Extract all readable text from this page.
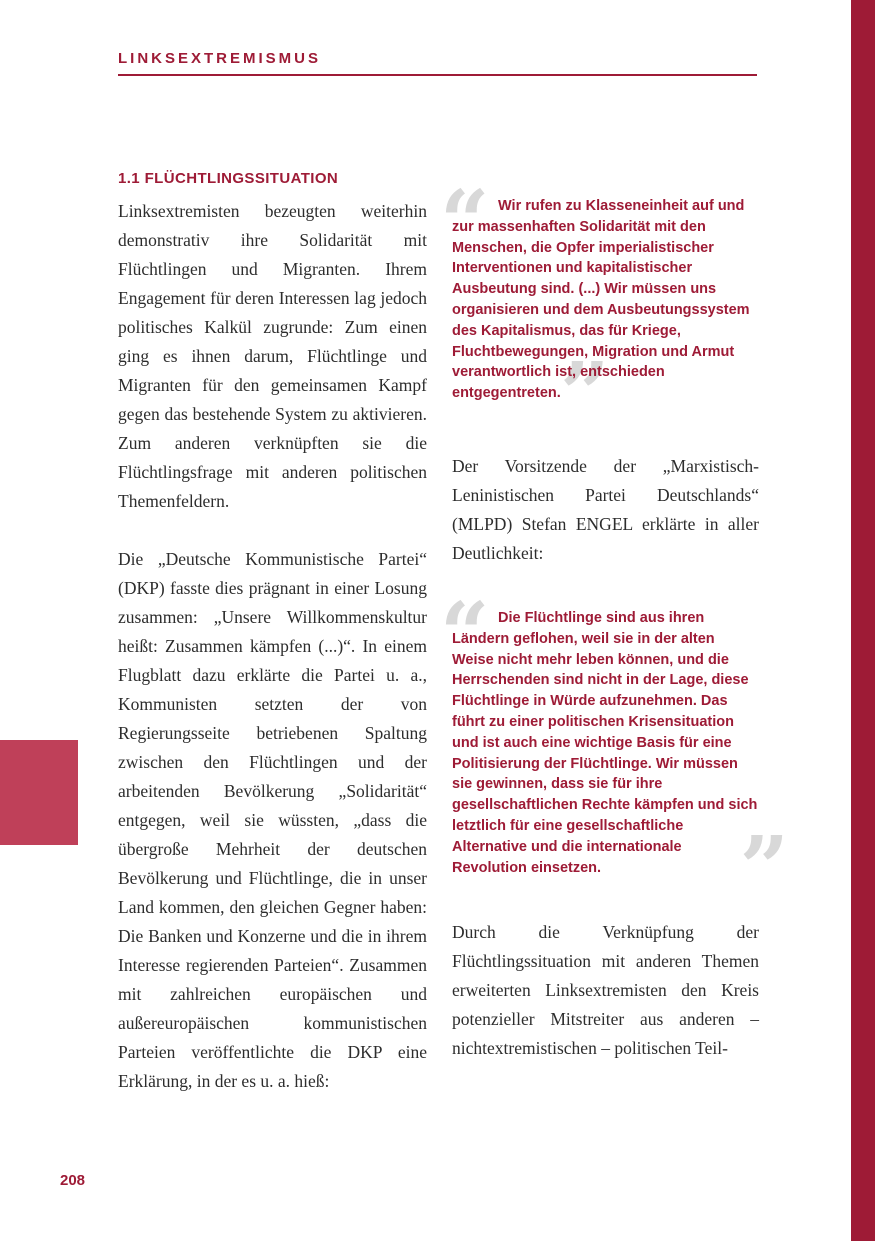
LINKSEXTREMISMUS
1.1 FLÜCHTLINGSSITUATION

Linksextremisten bezeugten weiterhin demonstrativ ihre Solidarität mit Flüchtlingen und Migranten. Ihrem Engagement für deren Interessen lag jedoch politisches Kalkül zugrunde: Zum einen ging es ihnen darum, Flüchtlinge und Migranten für den gemeinsamen Kampf gegen das bestehende System zu aktivieren. Zum anderen verknüpften sie die Flüchtlingsfrage mit anderen politischen Themenfeldern.

Die „Deutsche Kommunistische Partei“ (DKP) fasste dies prägnant in einer Losung zusammen: „Unsere Willkommenskultur heißt: Zusammen kämpfen (...)“. In einem Flugblatt dazu erklärte die Partei u. a., Kommunisten setzten der von Regierungsseite betriebenen Spaltung zwischen den Flüchtlingen und der arbeitenden Bevölkerung „Solidarität“ entgegen, weil sie wüssten, „dass die übergroße Mehrheit der deutschen Bevölkerung und Flüchtlinge, die in unser Land kommen, den gleichen Gegner haben: Die Banken und Konzerne und die in ihrem Interesse regierenden Parteien“. Zusammen mit zahlreichen europäischen und außereuropäischen kommunistischen Parteien veröffentlichte die DKP eine Erklärung, in der es u. a. hieß:

“ Wir rufen zu Klasseneinheit auf und zur massenhaften Solidarität mit den Menschen, die Opfer imperialistischer Interventionen und kapitalistischer Ausbeutung sind. (...) Wir müssen uns organisieren und dem Ausbeutungssystem des Kapitalismus, das für Kriege, Fluchtbewegungen, Migration und Armut verantwortlich ist, entschieden entgegentreten. ”

Der Vorsitzende der „Marxistisch-Leninistischen Partei Deutschlands“ (MLPD) Stefan ENGEL erklärte in aller Deutlichkeit:

“ Die Flüchtlinge sind aus ihren Ländern geflohen, weil sie in der alten Weise nicht mehr leben können, und die Herrschenden sind nicht in der Lage, diese Flüchtlinge in Würde aufzunehmen. Das führt zu einer politischen Krisensituation und ist auch eine wichtige Basis für eine Politisierung der Flüchtlinge. Wir müssen sie gewinnen, dass sie für ihre gesellschaftlichen Rechte kämpfen und sich letztlich für eine gesellschaftliche Alternative und die internationale Revolution einsetzen.	”

Durch die Verknüpfung der Flüchtlingssituation mit anderen Themen erweiterten Linksextremisten den Kreis potenzieller Mitstreiter aus anderen – nichtextremistischen – politischen Teil-

208
